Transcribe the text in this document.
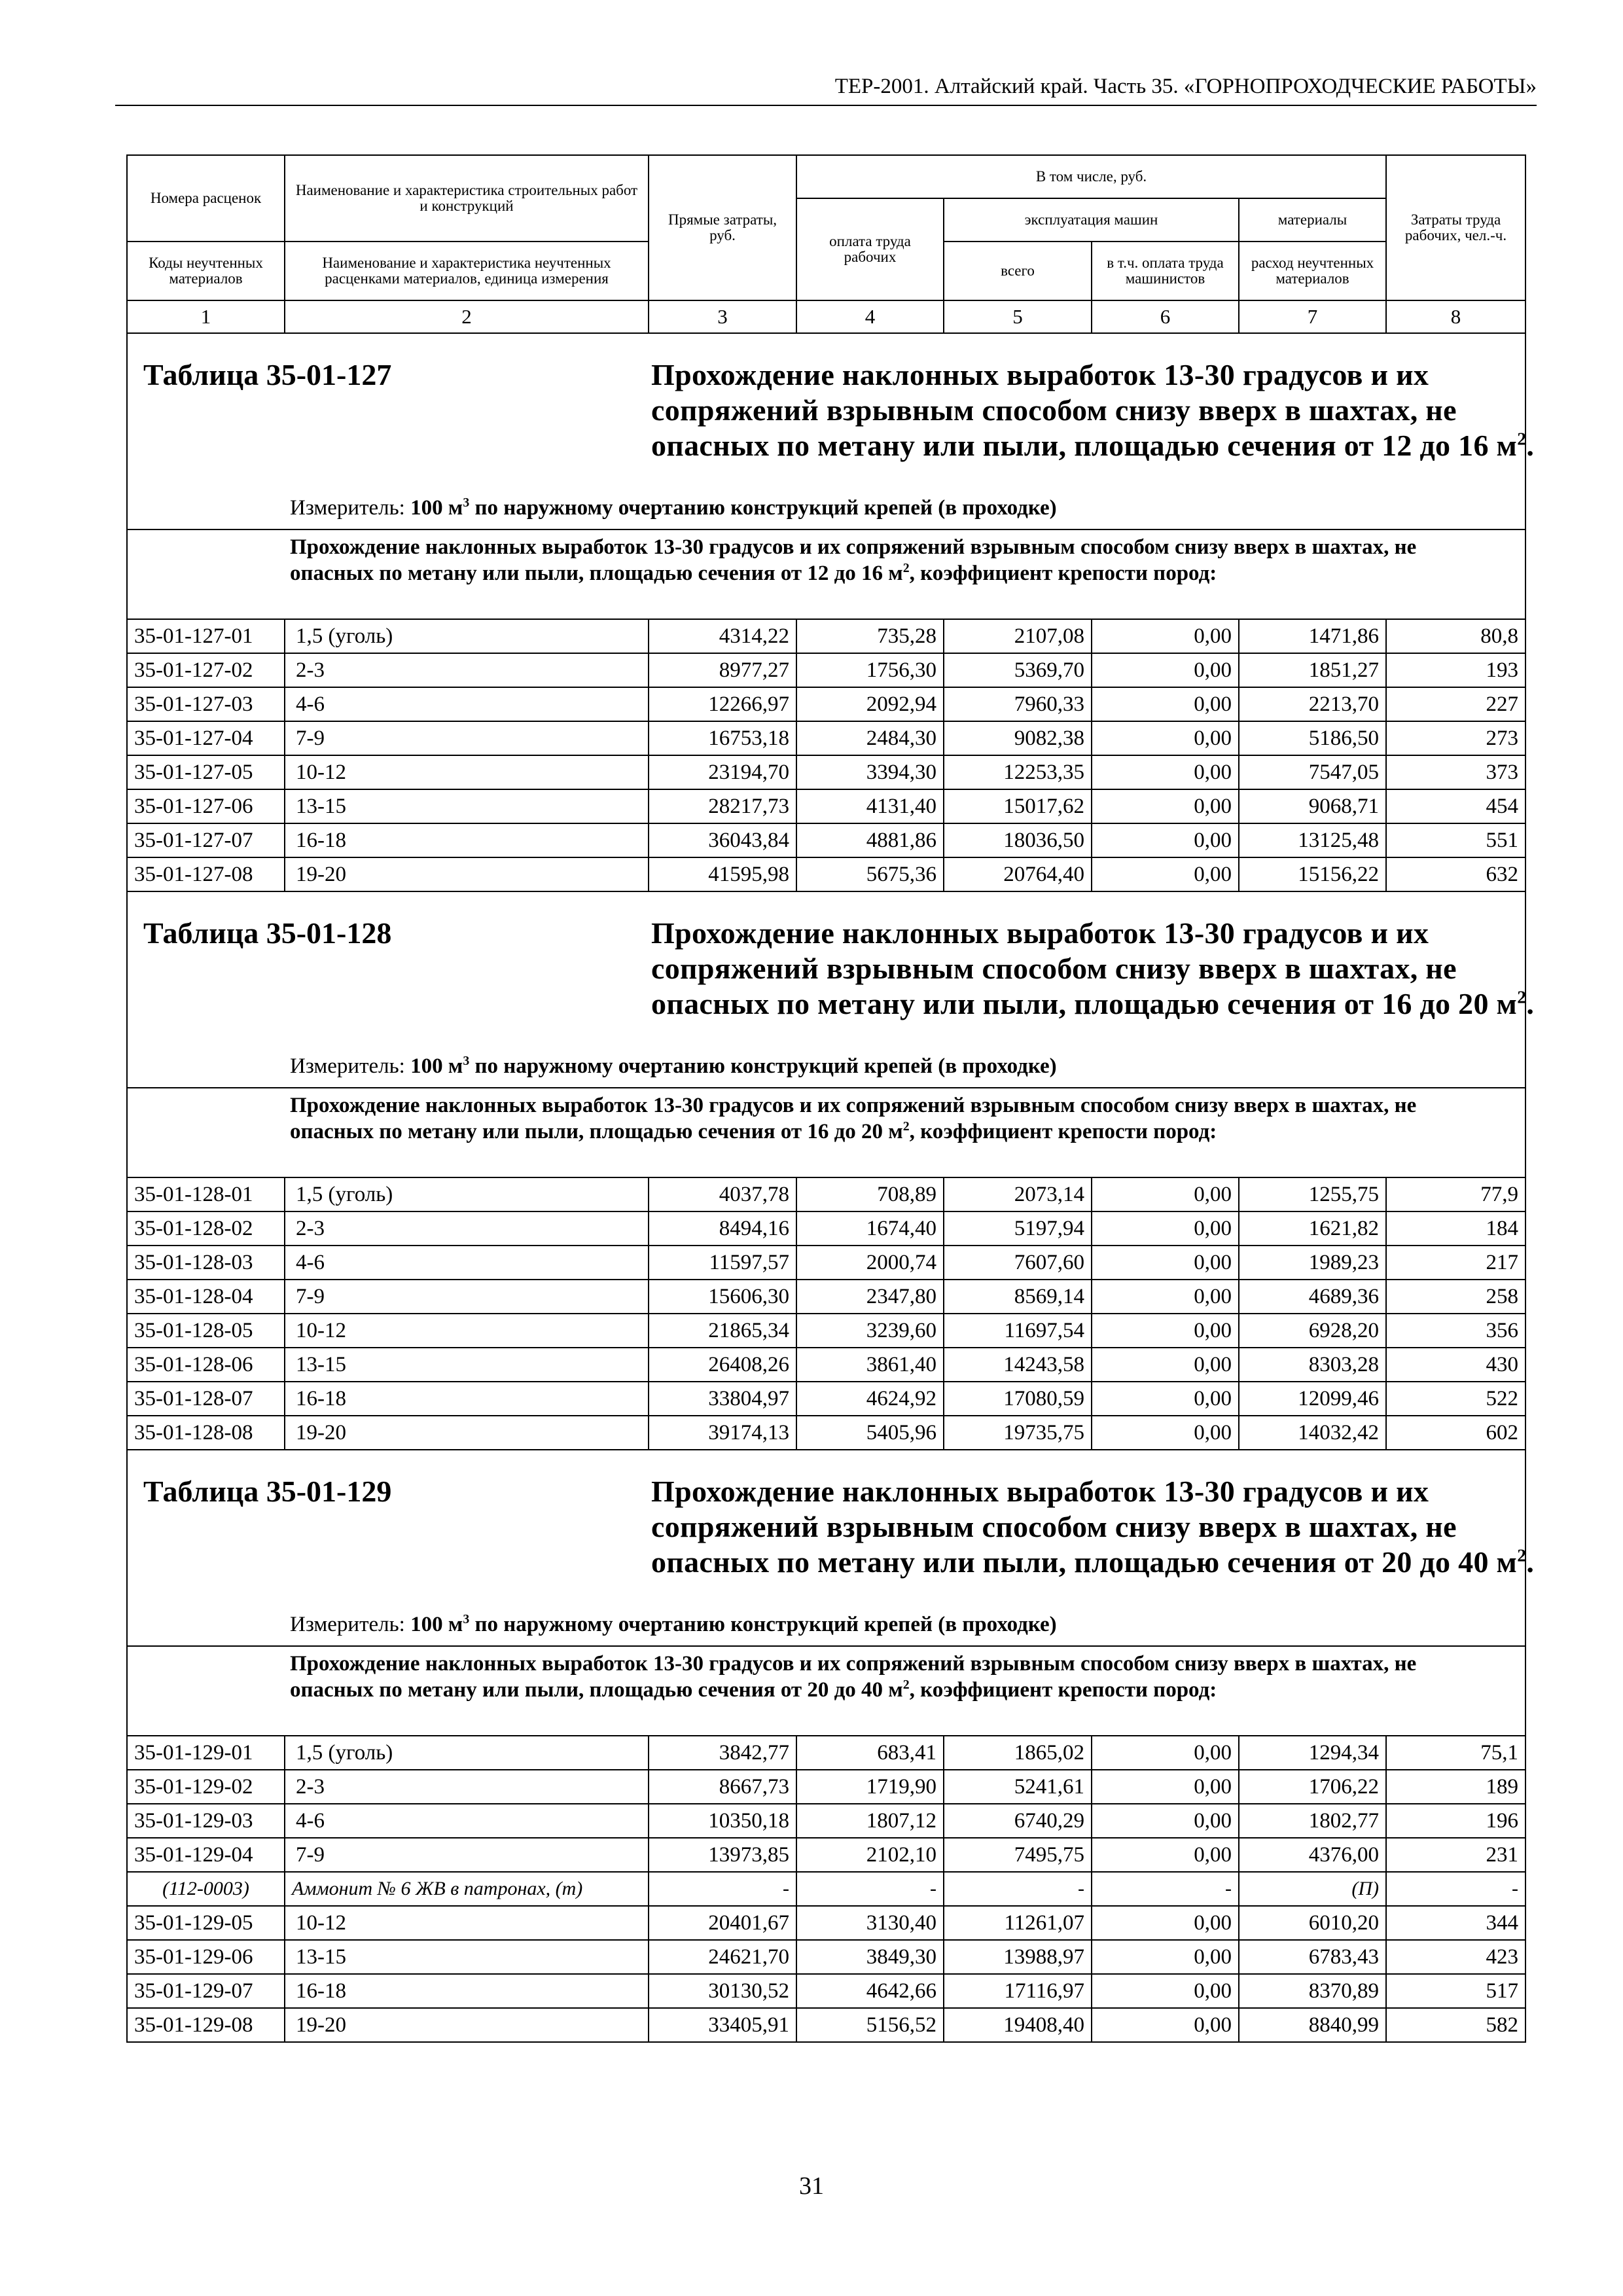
ТЕР-2001. Алтайский край. Часть 35. «ГОРНОПРОХОДЧЕСКИЕ РАБОТЫ»
Номера расценок	Наименование и характеристика строительных работ и конструкций	Прямые затраты, руб.	В том числе, руб.				Затраты труда рабочих, чел.-ч.
			оплата труда рабочих	эксплуатация машин		материалы	
Коды неучтенных материалов	Наименование и характеристика неучтенных расценками материалов, единица измерения			всего	в т.ч. оплата труда машинистов	расход неучтенных материалов	
1	2	3	4	5	6	7	8

Таблица 35-01-127 Прохождение наклонных выработок 13-30 градусов и их сопряжений взрывным способом снизу вверх в шахтах, не опасных по метану или пыли, площадью сечения от 12 до 16 $м^2$.
Измеритель: 100 $м^3$ по наружному очертанию конструкций крепей (в проходке)							

Прохождение наклонных выработок 13-30 градусов и их сопряжений взрывным способом снизу вверх в шахтах, не опасных по метану или пыли, площадью сечения от 12 до 16 $м^2$, коэффициент крепости пород:							

35-01-127-01	1,5 (уголь)	4314,22	735,28	2107,08	0,00	1471,86	80,8
35-01-127-02	2-3	8977,27	1756,30	5369,70	0,00	1851,27	193
35-01-127-03	4-6	12266,97	2092,94	7960,33	0,00	2213,70	227
35-01-127-04	7-9	16753,18	2484,30	9082,38	0,00	5186,50	273
35-01-127-05	10-12	23194,70	3394,30	12253,35	0,00	7547,05	373
35-01-127-06	13-15	28217,73	4131,40	15017,62	0,00	9068,71	454
35-01-127-07	16-18	36043,84	4881,86	18036,50	0,00	13125,48	551
35-01-127-08	19-20	41595,98	5675,36	20764,40	0,00	15156,22	632

Таблица 35-01-128 Прохождение наклонных выработок 13-30 градусов и их сопряжений взрывным способом снизу вверх в шахтах, не опасных по метану или пыли, площадью сечения от 16 до 20 $м^2$.
Измеритель: 100 $м^3$ по наружному очертанию конструкций крепей (в проходке)							

Прохождение наклонных выработок 13-30 градусов и их сопряжений взрывным способом снизу вверх в шахтах, не опасных по метану или пыли, площадью сечения от 16 до 20 $м^2$, коэффициент крепости пород:							

35-01-128-01	1,5 (уголь)	4037,78	708,89	2073,14	0,00	1255,75	77,9
35-01-128-02	2-3	8494,16	1674,40	5197,94	0,00	1621,82	184
35-01-128-03	4-6	11597,57	2000,74	7607,60	0,00	1989,23	217
35-01-128-04	7-9	15606,30	2347,80	8569,14	0,00	4689,36	258
35-01-128-05	10-12	21865,34	3239,60	11697,54	0,00	6928,20	356
35-01-128-06	13-15	26408,26	3861,40	14243,58	0,00	8303,28	430
35-01-128-07	16-18	33804,97	4624,92	17080,59	0,00	12099,46	522
35-01-128-08	19-20	39174,13	5405,96	19735,75	0,00	14032,42	602

Таблица 35-01-129 Прохождение наклонных выработок 13-30 градусов и их сопряжений взрывным способом снизу вверх в шахтах, не опасных по метану или пыли, площадью сечения от 20 до 40 $м^2$.
Измеритель: 100 $м^3$ по наружному очертанию конструкций крепей (в проходке)							

Прохождение наклонных выработок 13-30 градусов и их сопряжений взрывным способом снизу вверх в шахтах, не опасных по метану или пыли, площадью сечения от 20 до 40 $м^2$, коэффициент крепости пород:							

35-01-129-01	1,5 (уголь)	3842,77	683,41	1865,02	0,00	1294,34	75,1
35-01-129-02	2-3	8667,73	1719,90	5241,61	0,00	1706,22	189
35-01-129-03	4-6	10350,18	1807,12	6740,29	0,00	1802,77	196
35-01-129-04	7-9	13973,85	2102,10	7495,75	0,00	4376,00	231
(112-0003)	Аммонит № 6 ЖВ в патронах, (т)	-	-	-	-	(П)	-
35-01-129-05	10-12	20401,67	3130,40	11261,07	0,00	6010,20	344
35-01-129-06	13-15	24621,70	3849,30	13988,97	0,00	6783,43	423
35-01-129-07	16-18	30130,52	4642,66	17116,97	0,00	8370,89	517
35-01-129-08	19-20	33405,91	5156,52	19408,40	0,00	8840,99	582
31
